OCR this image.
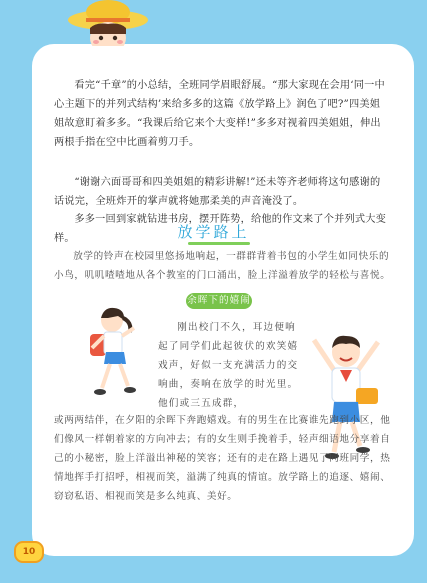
看完“千章”的小总结，全班同学眉眼舒展。“那大家现在会用‘同一中心主题下的并列式结构’来给多多的这篇《放学路上》润色了吧?”四美姐姐故意盯着多多。“我课后给它来个大变样!”多多对视着四美姐姐，伸出两根手指在空中比画着剪刀手。

“谢谢六面哥哥和四美姐姐的精彩讲解!”还未等齐老师将这句感谢的话说完，全班炸开的掌声就将她那柔美的声音淹没了。

多多一回到家就钻进书房，摆开阵势，给他的作文来了个并列式大变样。	放学路上

放学的铃声在校园里悠扬地响起，一群群背着书包的小学生如同快乐的小鸟，叽叽喳喳地从各个教室的门口涌出，脸上洋溢着放学的轻松与喜悦。

余晖下的嬉闹

刚出校门不久，耳边便响起了同学们此起彼伏的欢笑嬉戏声，好似一支充满活力的交响曲，奏响在放学的时光里。他们或三五成群，

或两两结伴，在夕阳的余晖下奔跑嬉戏。有的男生在比赛谁先跑到小区，他们像风一样朝着家的方向冲去；有的女生则手挽着手，轻声细语地分享着自己的小秘密，脸上洋溢出神秘的笑容；还有的走在路上遇见了同班同学，热情地挥手打招呼，相视而笑，溢满了纯真的情谊。放学路上的追逐、嬉闹、窃窃私语、相视而笑是多么纯真、美好。

10
